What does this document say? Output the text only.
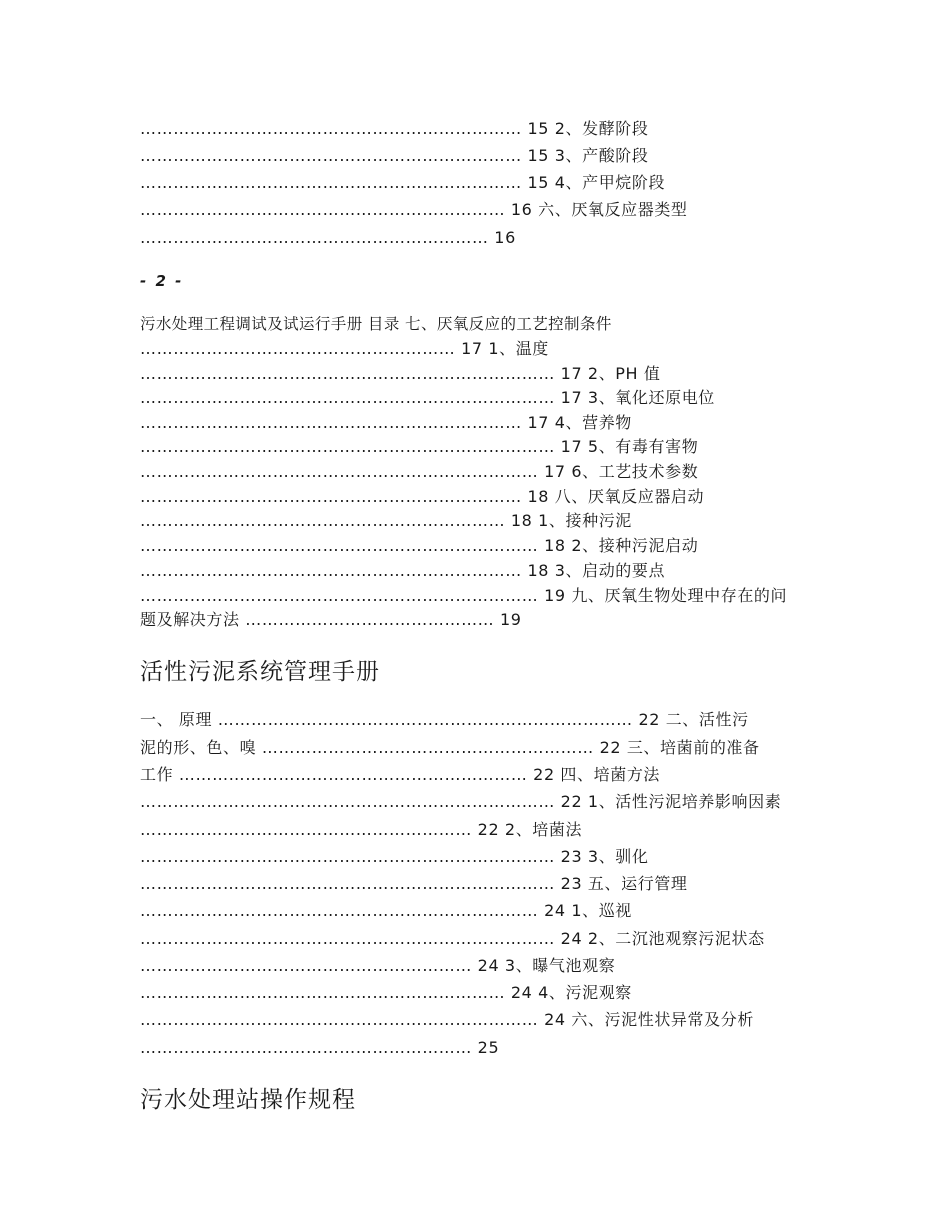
…………………………………………………………… 15 2、发酵阶段
…………………………………………………………… 15 3、产酸阶段
…………………………………………………………… 15 4、产甲烷阶段
………………………………………………………… 16 六、厌氧反应器类型
……………………………………………………… 16
- 2 -
污水处理工程调试及试运行手册 目录 七、厌氧反应的工艺控制条件
………………………………………………… 17 1、温度
………………………………………………………………… 17 2、PH 值
………………………………………………………………… 17 3、氧化还原电位
…………………………………………………………… 17 4、营养物
………………………………………………………………… 17 5、有毒有害物
……………………………………………………………… 17 6、工艺技术参数
…………………………………………………………… 18 八、厌氧反应器启动
………………………………………………………… 18 1、接种污泥
……………………………………………………………… 18 2、接种污泥启动
…………………………………………………………… 18 3、启动的要点
……………………………………………………………… 19 九、厌氧生物处理中存在的问
题及解决方法 ……………………………………… 19
活性污泥系统管理手册
一、 原理 ………………………………………………………………… 22 二、活性污
泥的形、色、嗅 …………………………………………………… 22 三、培菌前的准备
工作 ……………………………………………………… 22 四、培菌方法
………………………………………………………………… 22 1、活性污泥培养影响因素
…………………………………………………… 22 2、培菌法
………………………………………………………………… 23 3、驯化
………………………………………………………………… 23 五、运行管理
……………………………………………………………… 24 1、巡视
………………………………………………………………… 24 2、二沉池观察污泥状态
…………………………………………………… 24 3、曝气池观察
………………………………………………………… 24 4、污泥观察
……………………………………………………………… 24 六、污泥性状异常及分析
…………………………………………………… 25
污水处理站操作规程
